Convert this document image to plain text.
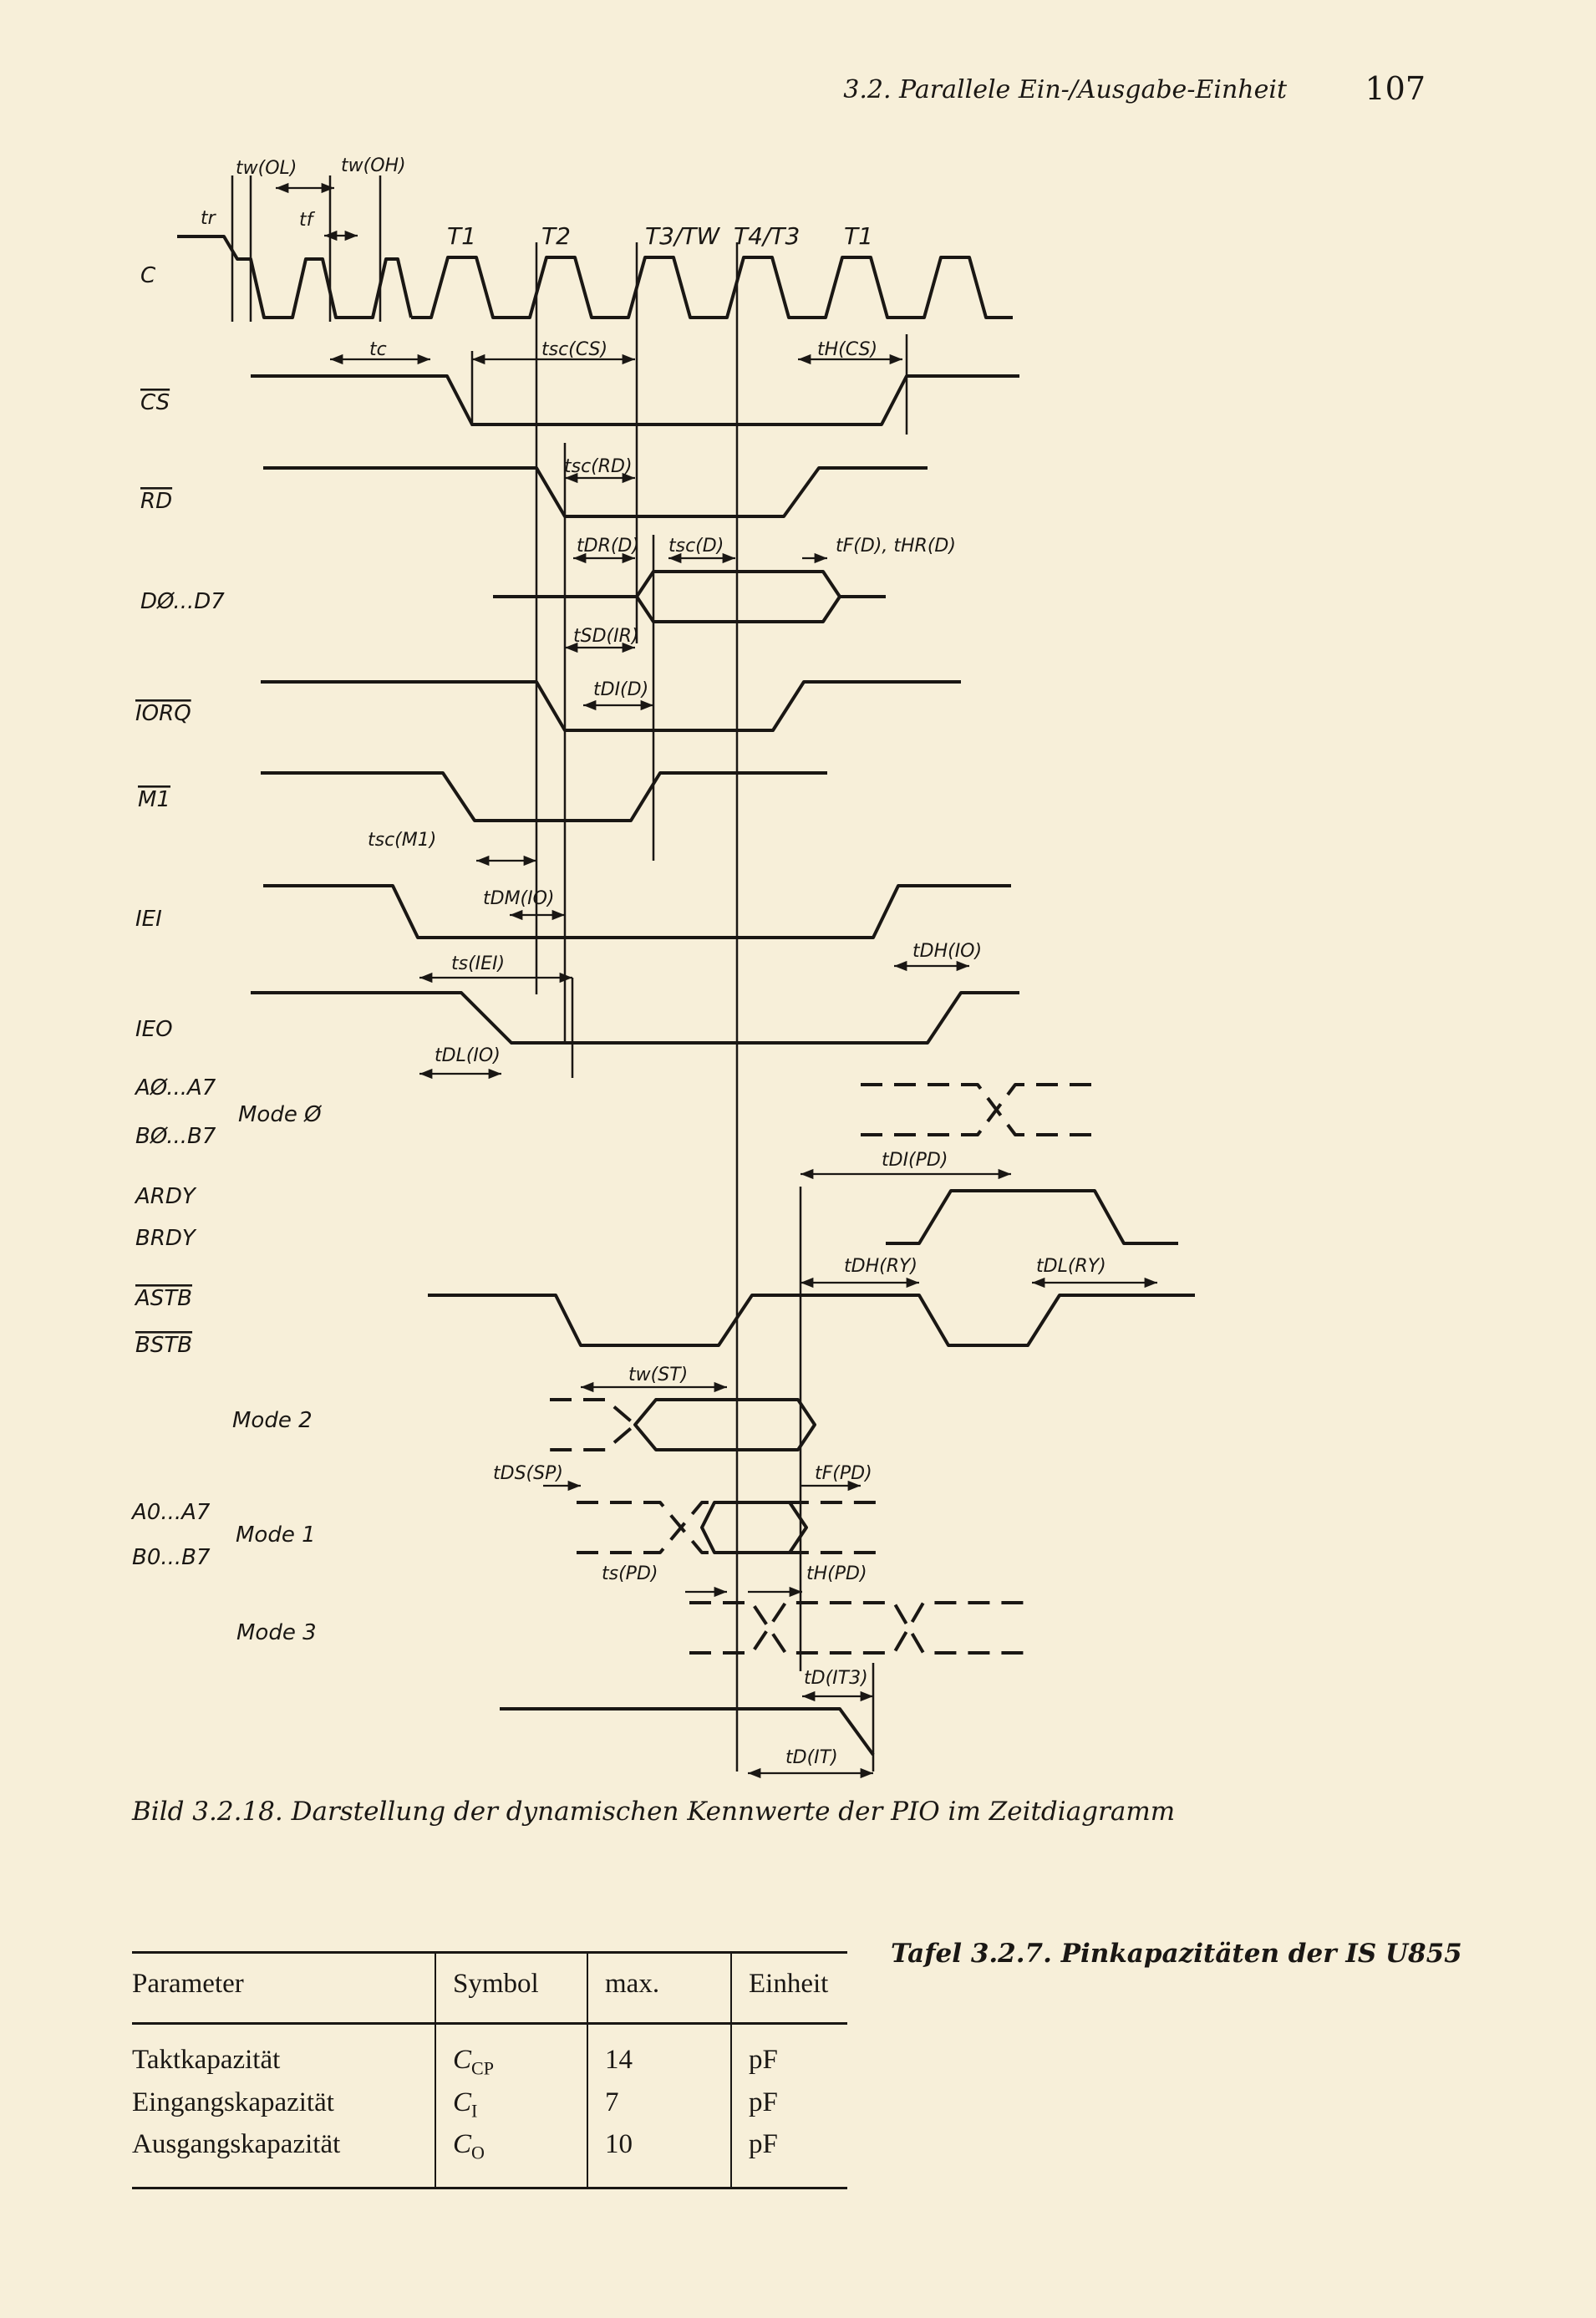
3.2. Parallele Ein-/Ausgabe-Einheit 107
C
CS
RD
DØ...D7
IORQ
M1
IEI
IEO
AØ...A7
BØ...B7
ARDY
BRDY
ASTB
BSTB
A0...A7
B0...B7
Mode Ø
Mode 2
Mode 1
Mode 3
T1	T2	T3/TW T4/T3 T1
tw(OL) tw(OH)
tr	tf
tc	tsc(CS)	tH(CS)
tsc(RD)
tDR(D) tsc(D)	tF(D), tHR(D)
tSD(IR)
tDI(D)
tsc(M1)
tDM(IO)
ts(IEI)
tDH(IO)
tDL(IO)
tDI(PD)
tDH(RY)	tDL(RY)
tw(ST)
tDS(SP)	tF(PD)
ts(PD)	tH(PD)
tD(IT3)
tD(IT)
Bild 3.2.18. Darstellung der dynamischen Kennwerte der PIO im Zeitdiagramm
Parameter	Symbol	max.	Einheit
Taktkapazität	$C_{CP}$	14	pF
Eingangskapazität	$C_I$	7	pF
Ausgangskapazität	$C_O$	10	pF
Tafel 3.2.7. Pinkapazitäten der IS U855
